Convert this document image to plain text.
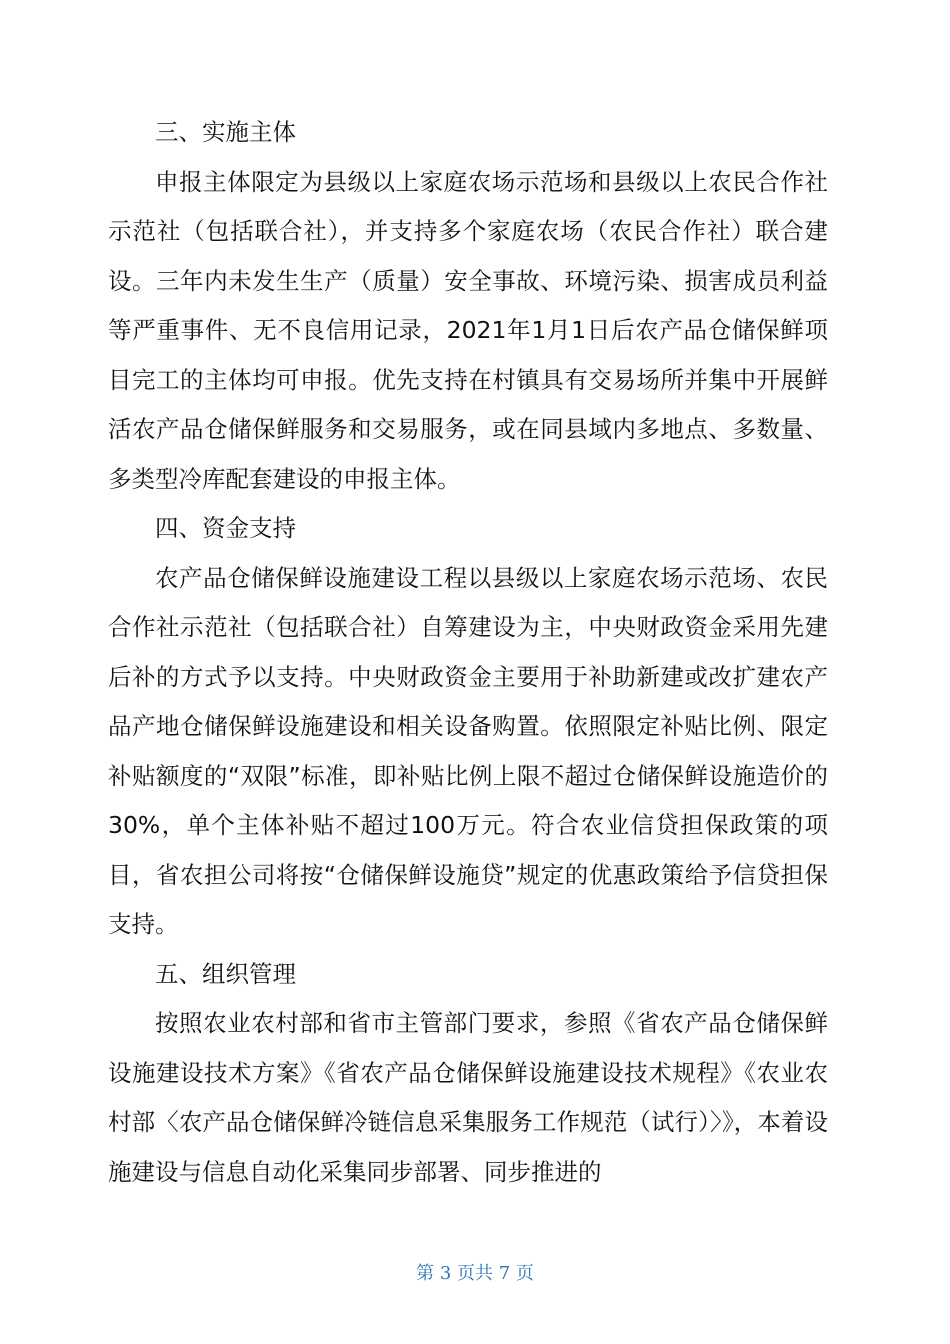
三、实施主体

申报主体限定为县级以上家庭农场示范场和县级以上农民合作社示范社（包括联合社），并支持多个家庭农场（农民合作社）联合建设。三年内未发生生产（质量）安全事故、环境污染、损害成员利益等严重事件、无不良信用记录，2021年1月1日后农产品仓储保鲜项目完工的主体均可申报。优先支持在村镇具有交易场所并集中开展鲜活农产品仓储保鲜服务和交易服务，或在同县域内多地点、多数量、多类型冷库配套建设的申报主体。

四、资金支持

农产品仓储保鲜设施建设工程以县级以上家庭农场示范场、农民合作社示范社（包括联合社）自筹建设为主，中央财政资金采用先建后补的方式予以支持。中央财政资金主要用于补助新建或改扩建农产品产地仓储保鲜设施建设和相关设备购置。依照限定补贴比例、限定补贴额度的“双限”标准，即补贴比例上限不超过仓储保鲜设施造价的30%，单个主体补贴不超过100万元。符合农业信贷担保政策的项目，省农担公司将按“仓储保鲜设施贷”规定的优惠政策给予信贷担保支持。

五、组织管理

按照农业农村部和省市主管部门要求，参照《省农产品仓储保鲜设施建设技术方案》《省农产品仓储保鲜设施建设技术规程》《农业农村部〈农产品仓储保鲜冷链信息采集服务工作规范（试行）〉》，本着设施建设与信息自动化采集同步部署、同步推进的

第 3 页共 7 页
